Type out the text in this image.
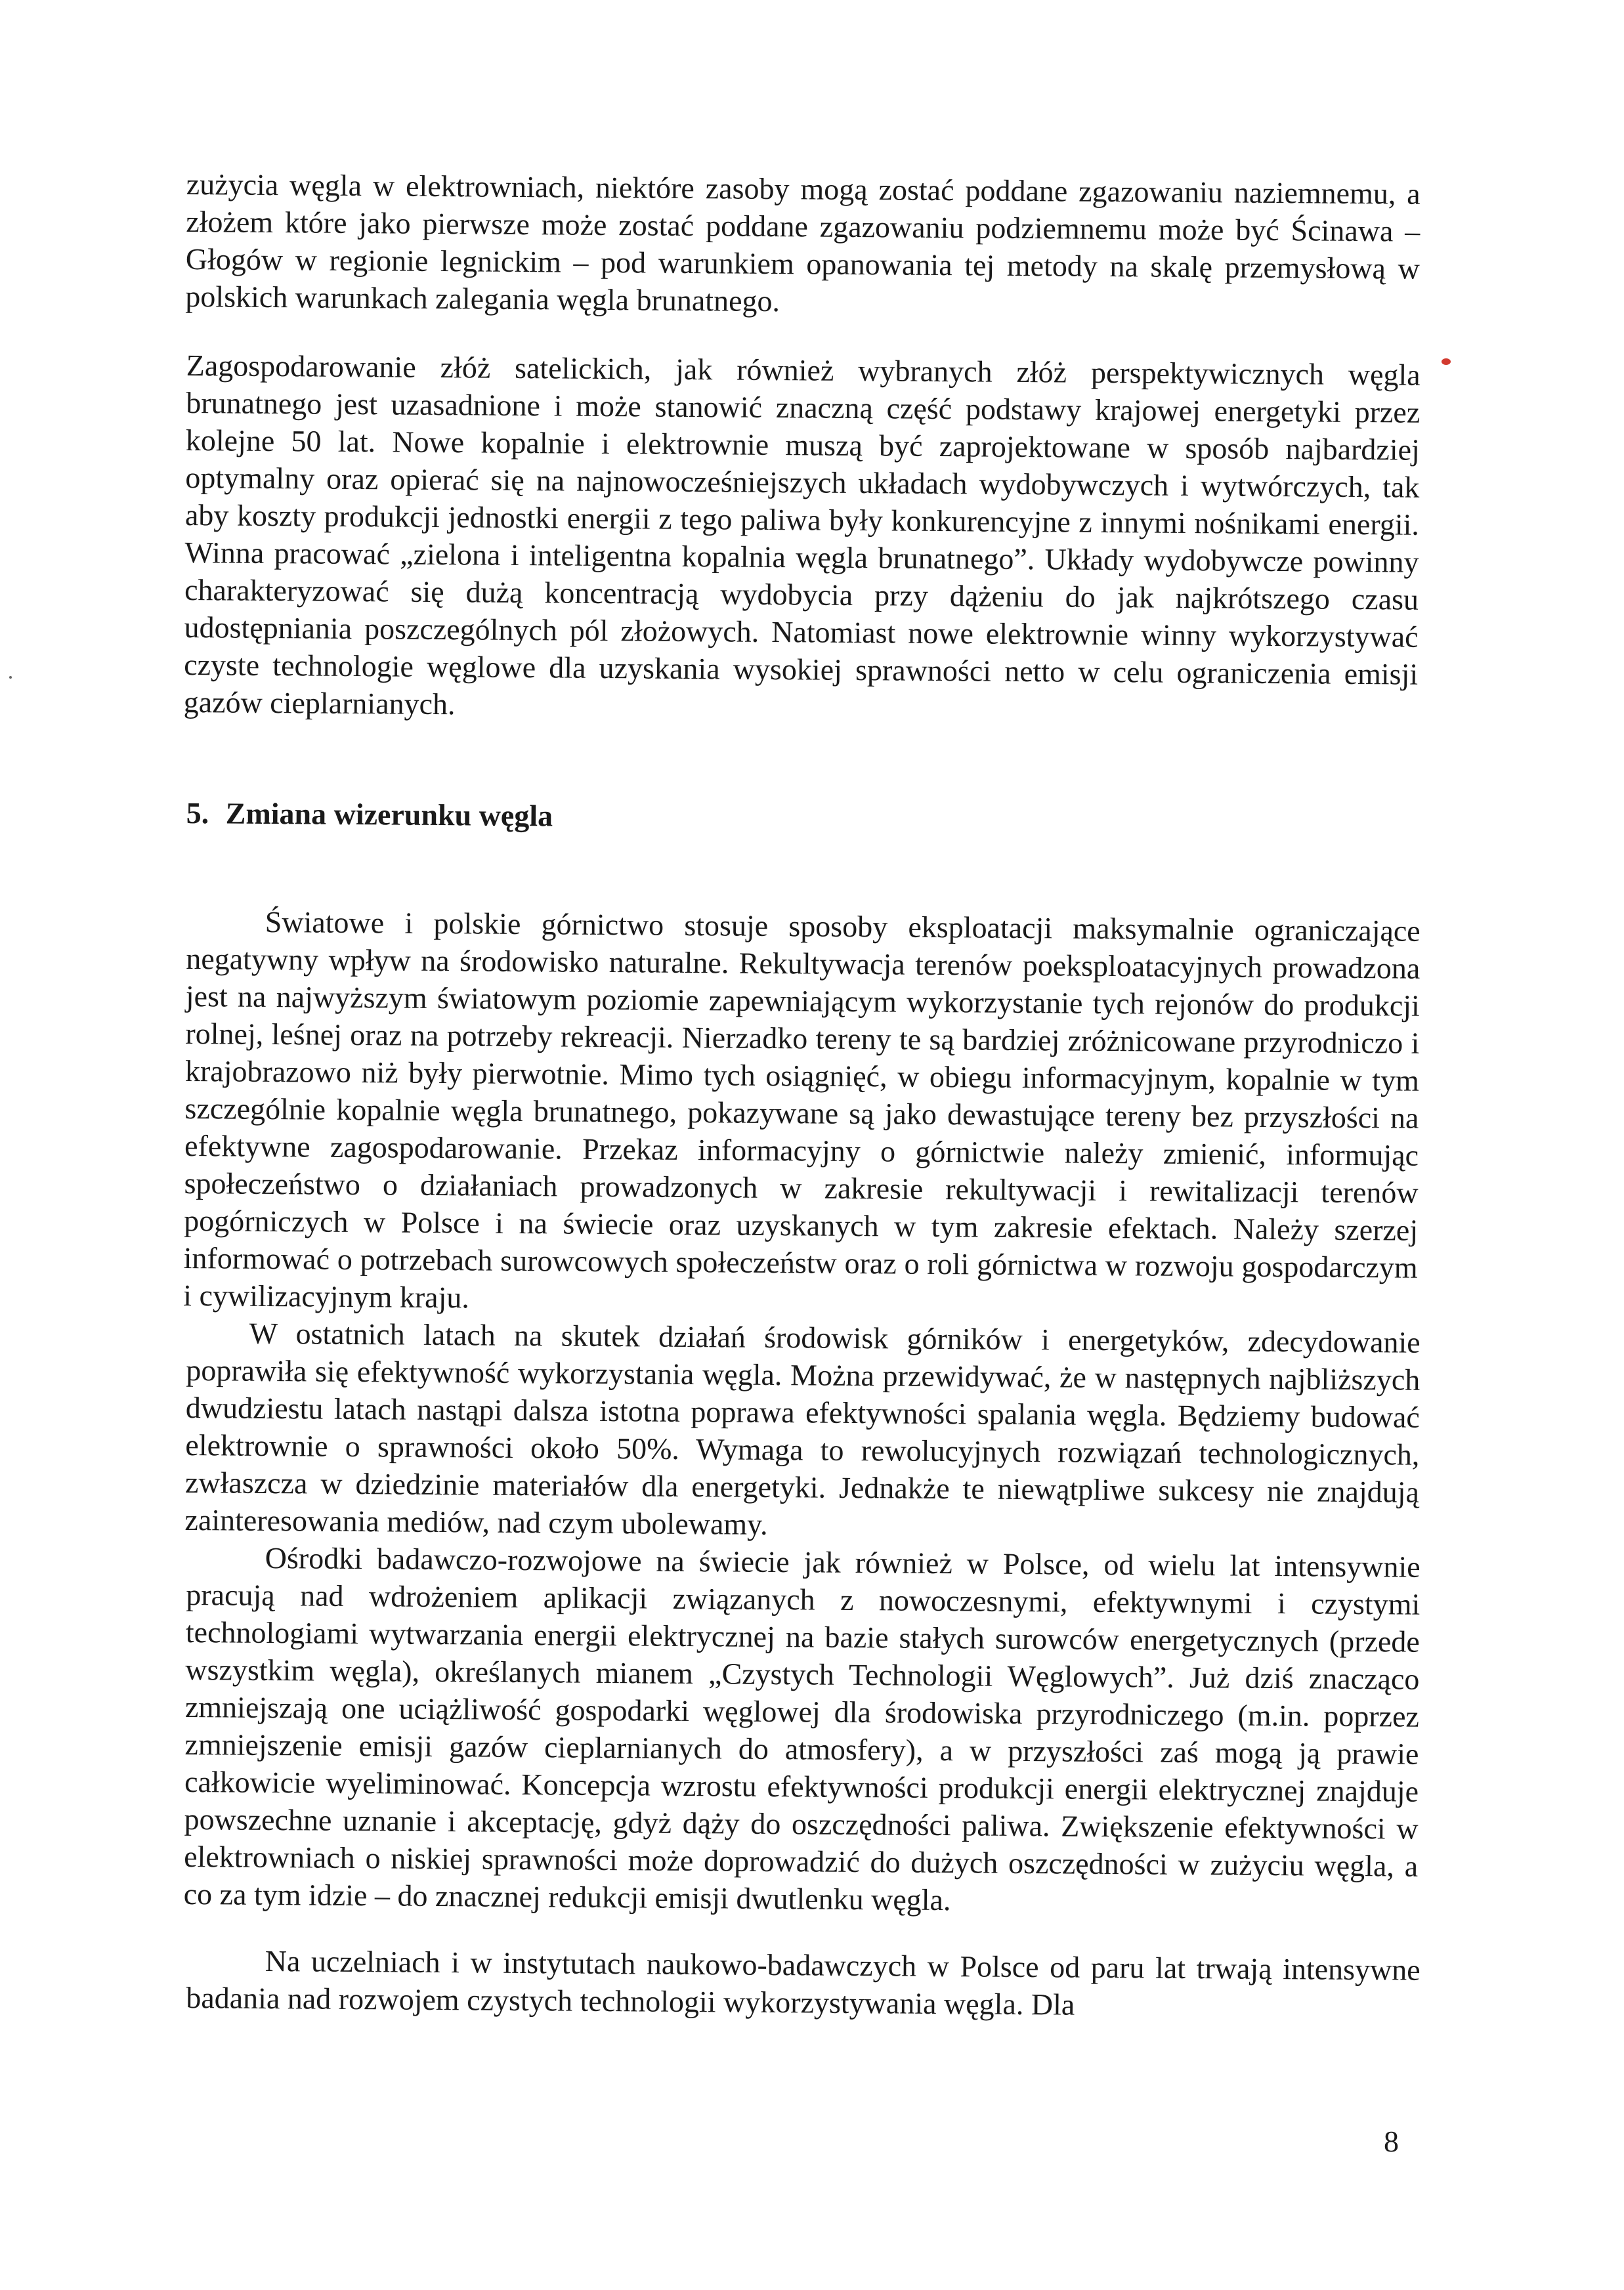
zużycia węgla w elektrowniach, niektóre zasoby mogą zostać poddane zgazowaniu naziemnemu, a złożem które jako pierwsze może zostać poddane zgazowaniu podziemnemu może być Ścinawa – Głogów w regionie legnickim – pod warunkiem opanowania tej metody na skalę przemysłową w polskich warunkach zalegania węgla brunatnego.

Zagospodarowanie złóż satelickich, jak również wybranych złóż perspektywicznych węgla brunatnego jest uzasadnione i może stanowić znaczną część podstawy krajowej energetyki przez kolejne 50 lat. Nowe kopalnie i elektrownie muszą być zaprojektowane w sposób najbardziej optymalny oraz opierać się na najnowocześniejszych układach wydobywczych i wytwórczych, tak aby koszty produkcji jednostki energii z tego paliwa były konkurencyjne z innymi nośnikami energii. Winna pracować „zielona i inteligentna kopalnia węgla brunatnego”. Układy wydobywcze powinny charakteryzować się dużą koncentracją wydobycia przy dążeniu do jak najkrótszego czasu udostępniania poszczególnych pól złożowych. Natomiast nowe elektrownie winny wykorzystywać czyste technologie węglowe dla uzyskania wysokiej sprawności netto w celu ograniczenia emisji gazów cieplarnianych.

5. Zmiana wizerunku węgla

Światowe i polskie górnictwo stosuje sposoby eksploatacji maksymalnie ograniczające negatywny wpływ na środowisko naturalne. Rekultywacja terenów poeksploatacyjnych prowadzona jest na najwyższym światowym poziomie zapewniającym wykorzystanie tych rejonów do produkcji rolnej, leśnej oraz na potrzeby rekreacji. Nierzadko tereny te są bardziej zróżnicowane przyrodniczo i krajobrazowo niż były pierwotnie. Mimo tych osiągnięć, w obiegu informacyjnym, kopalnie w tym szczególnie kopalnie węgla brunatnego, pokazywane są jako dewastujące tereny bez przyszłości na efektywne zagospodarowanie. Przekaz informacyjny o górnictwie należy zmienić, informując społeczeństwo o działaniach prowadzonych w zakresie rekultywacji i rewitalizacji terenów pogórniczych w Polsce i na świecie oraz uzyskanych w tym zakresie efektach. Należy szerzej informować o potrzebach surowcowych społeczeństw oraz o roli górnictwa w rozwoju gospodarczym i cywilizacyjnym kraju.

W ostatnich latach na skutek działań środowisk górników i energetyków, zdecydowanie poprawiła się efektywność wykorzystania węgla. Można przewidywać, że w następnych najbliższych dwudziestu latach nastąpi dalsza istotna poprawa efektywności spalania węgla. Będziemy budować elektrownie o sprawności około 50%. Wymaga to rewolucyjnych rozwiązań technologicznych, zwłaszcza w dziedzinie materiałów dla energetyki. Jednakże te niewątpliwe sukcesy nie znajdują zainteresowania mediów, nad czym ubolewamy.

Ośrodki badawczo-rozwojowe na świecie jak również w Polsce, od wielu lat intensywnie pracują nad wdrożeniem aplikacji związanych z nowoczesnymi, efektywnymi i czystymi technologiami wytwarzania energii elektrycznej na bazie stałych surowców energetycznych (przede wszystkim węgla), określanych mianem „Czystych Technologii Węglowych”. Już dziś znacząco zmniejszają one uciążliwość gospodarki węglowej dla środowiska przyrodniczego (m.in. poprzez zmniejszenie emisji gazów cieplarnianych do atmosfery), a w przyszłości zaś mogą ją prawie całkowicie wyeliminować. Koncepcja wzrostu efektywności produkcji energii elektrycznej znajduje powszechne uznanie i akceptację, gdyż dąży do oszczędności paliwa. Zwiększenie efektywności w elektrowniach o niskiej sprawności może doprowadzić do dużych oszczędności w zużyciu węgla, a co za tym idzie – do znacznej redukcji emisji dwutlenku węgla.

Na uczelniach i w instytutach naukowo-badawczych w Polsce od paru lat trwają intensywne badania nad rozwojem czystych technologii wykorzystywania węgla. Dla

8
